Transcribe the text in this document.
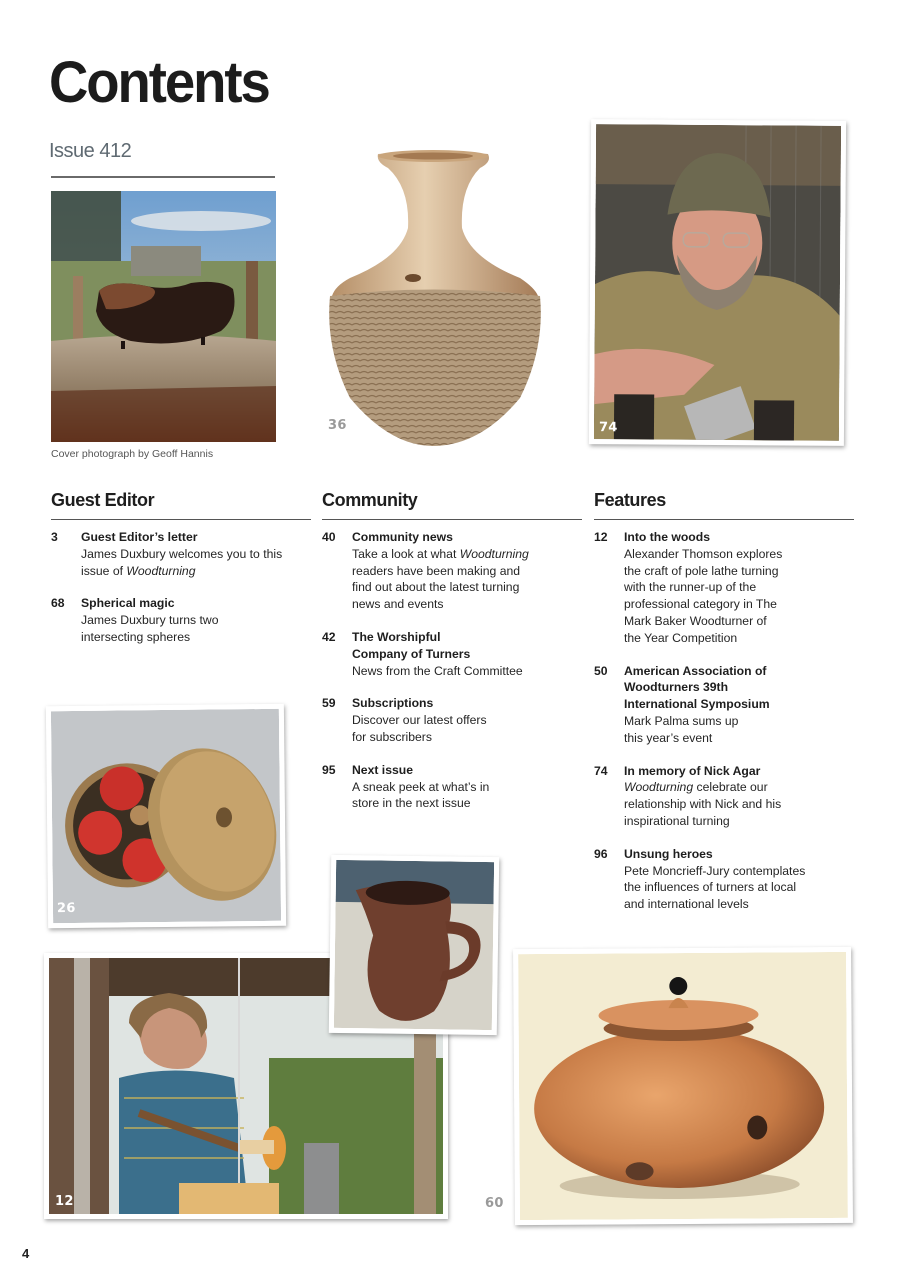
Contents
Issue 412
Cover photograph by Geoff Hannis
36	74
Guest Editor
3	Guest Editor’s letter
James Duxbury welcomes you to this issue of Woodturning
68	Spherical magic
James Duxbury turns two intersecting spheres
Community
40	Community news
Take a look at what Woodturning readers have been making and find out about the latest turning news and events
42	The Worshipful Company of Turners
News from the Craft Committee
59	Subscriptions
Discover our latest offers for subscribers
95	Next issue
A sneak peek at what’s in store in the next issue
Features
12	Into the woods
Alexander Thomson explores the craft of pole lathe turning with the runner-up of the professional category in The Mark Baker Woodturner of the Year Competition
50	American Association of Woodturners 39th International Symposium
Mark Palma sums up this year’s event
74	In memory of Nick Agar
Woodturning celebrate our relationship with Nick and his inspirational turning
96	Unsung heroes
Pete Moncrieff-Jury contemplates the influences of turners at local and international levels
26
12	60
4
